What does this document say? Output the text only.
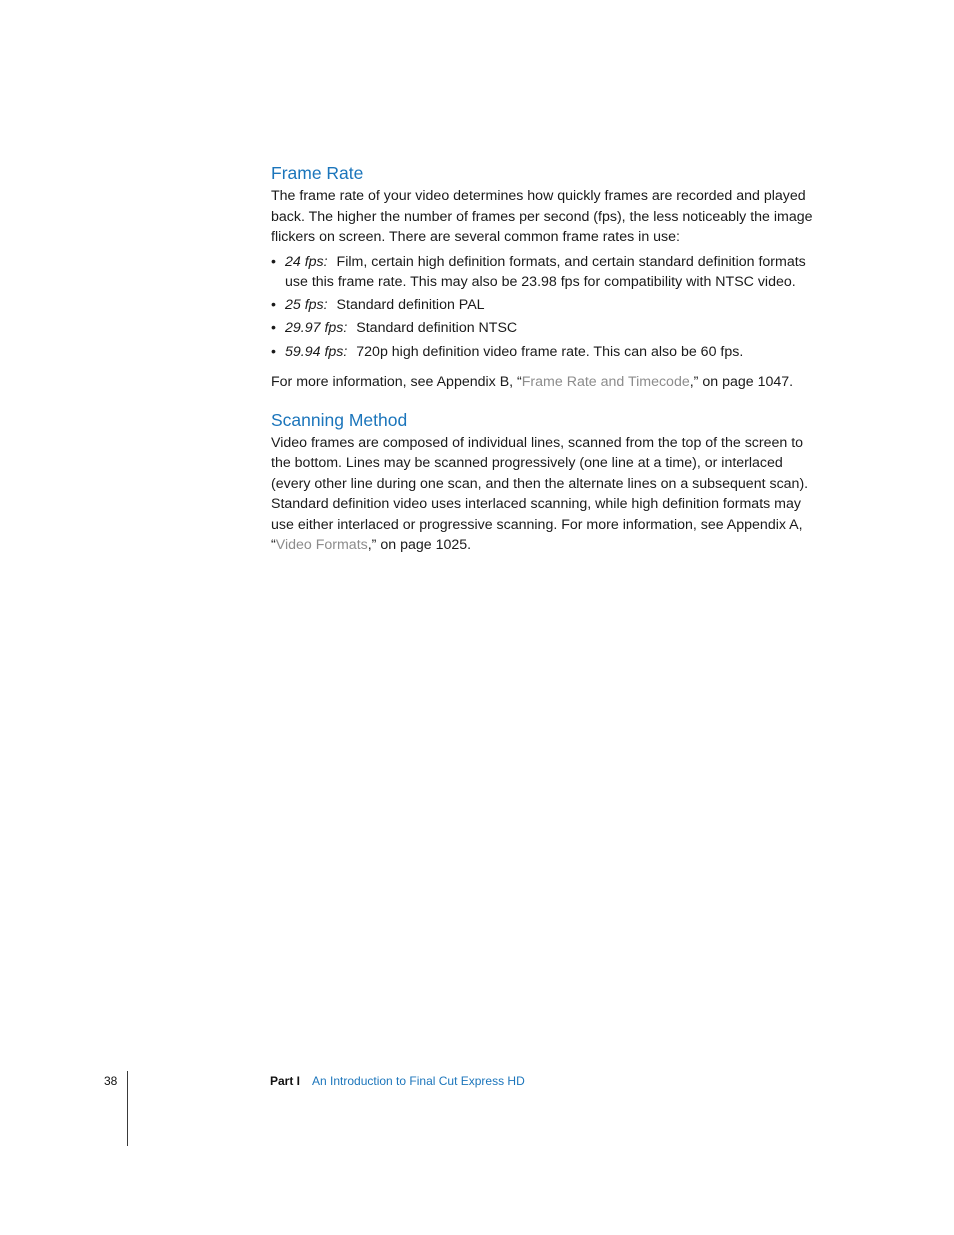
Frame Rate

The frame rate of your video determines how quickly frames are recorded and played back. The higher the number of frames per second (fps), the less noticeably the image flickers on screen. There are several common frame rates in use:

• 24 fps: Film, certain high definition formats, and certain standard definition formats use this frame rate. This may also be 23.98 fps for compatibility with NTSC video.
• 25 fps: Standard definition PAL
• 29.97 fps: Standard definition NTSC
• 59.94 fps: 720p high definition video frame rate. This can also be 60 fps.

For more information, see Appendix B, “Frame Rate and Timecode,” on page 1047.

Scanning Method

Video frames are composed of individual lines, scanned from the top of the screen to the bottom. Lines may be scanned progressively (one line at a time), or interlaced (every other line during one scan, and then the alternate lines on a subsequent scan). Standard definition video uses interlaced scanning, while high definition formats may use either interlaced or progressive scanning. For more information, see Appendix A, “Video Formats,” on page 1025.

38	Part I An Introduction to Final Cut Express HD
